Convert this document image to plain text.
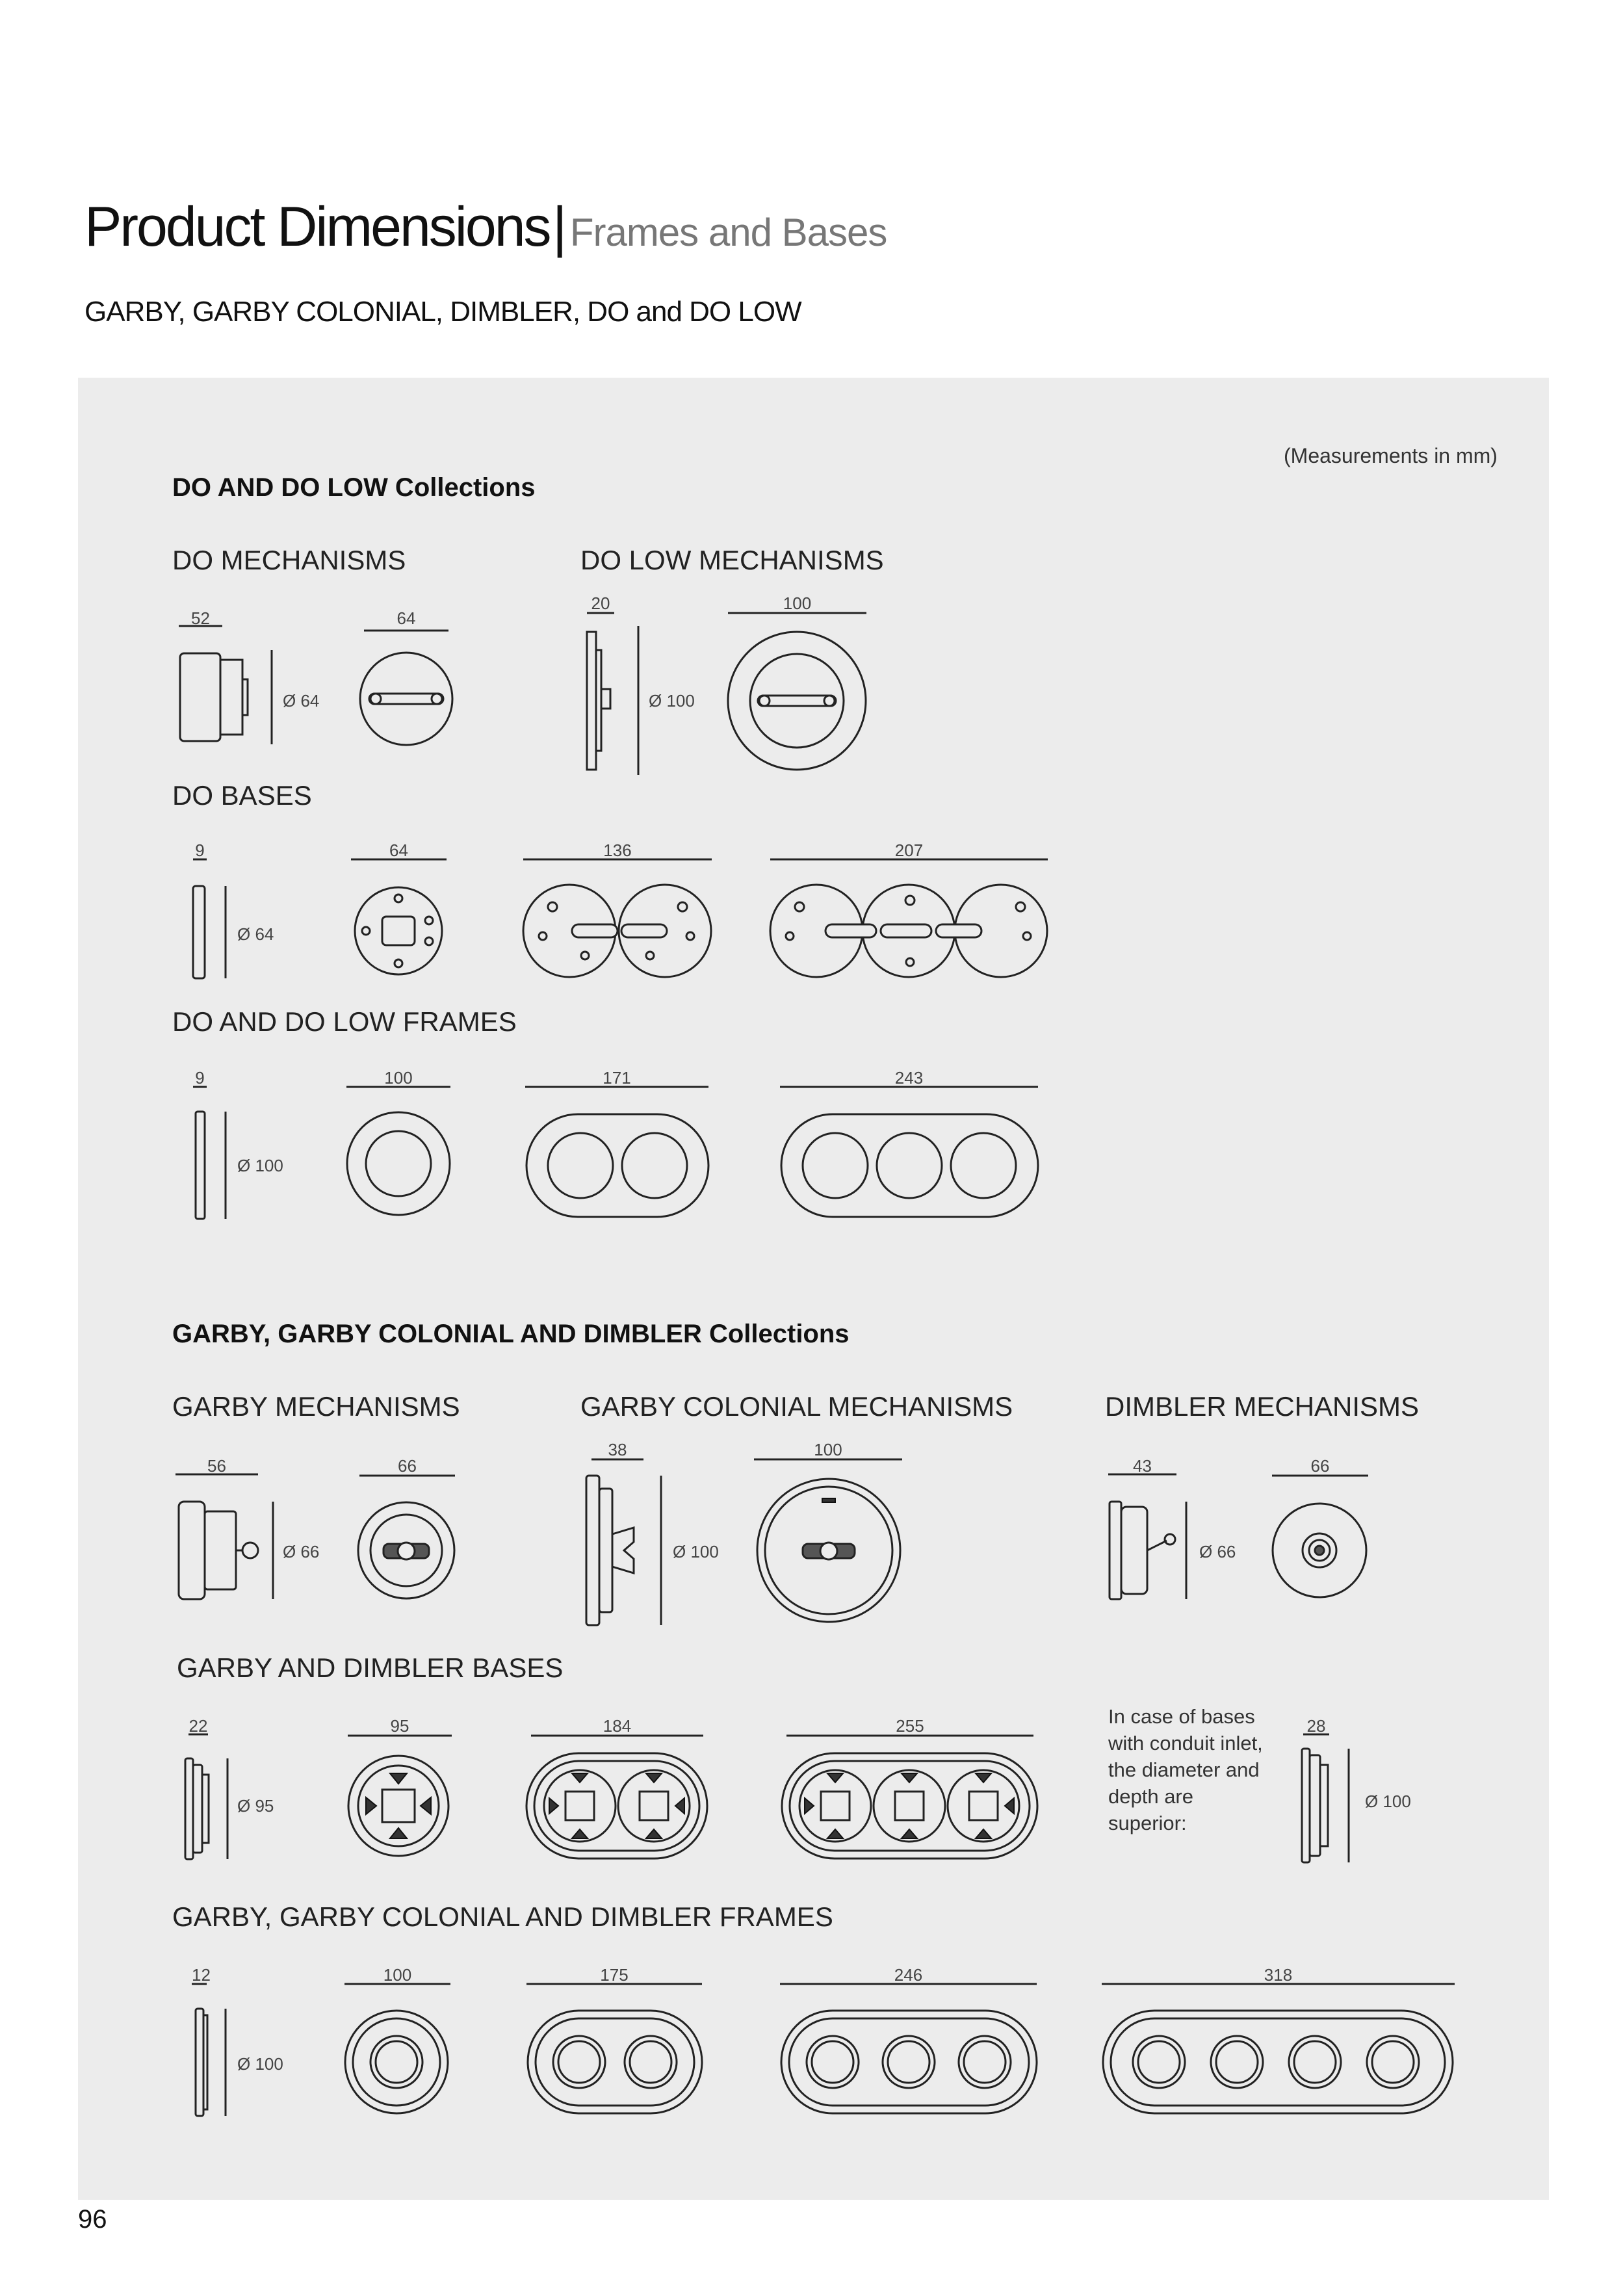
Product Dimensions | Frames and Bases
GARBY, GARBY COLONIAL, DIMBLER, DO and DO LOW
(Measurements in mm)
DO AND DO LOW Collections
DO MECHANISMS
52	64
Ø 64
DO LOW MECHANISMS
20	100
Ø 100
DO BASES
9
Ø 64
64	136	207
DO AND DO LOW FRAMES
9
Ø 100
100	171	243
GARBY, GARBY COLONIAL AND DIMBLER Collections
GARBY MECHANISMS
56	66
Ø 66
GARBY COLONIAL MECHANISMS
38	100
Ø 100
DIMBLER MECHANISMS
43	66
Ø 66
GARBY AND DIMBLER BASES
22
Ø 95
95	184	255	In case of bases with conduit inlet, the diameter and depth are superior:
28
Ø 100
GARBY, GARBY COLONIAL AND DIMBLER FRAMES
12
Ø 100
100	175	246	318
96
